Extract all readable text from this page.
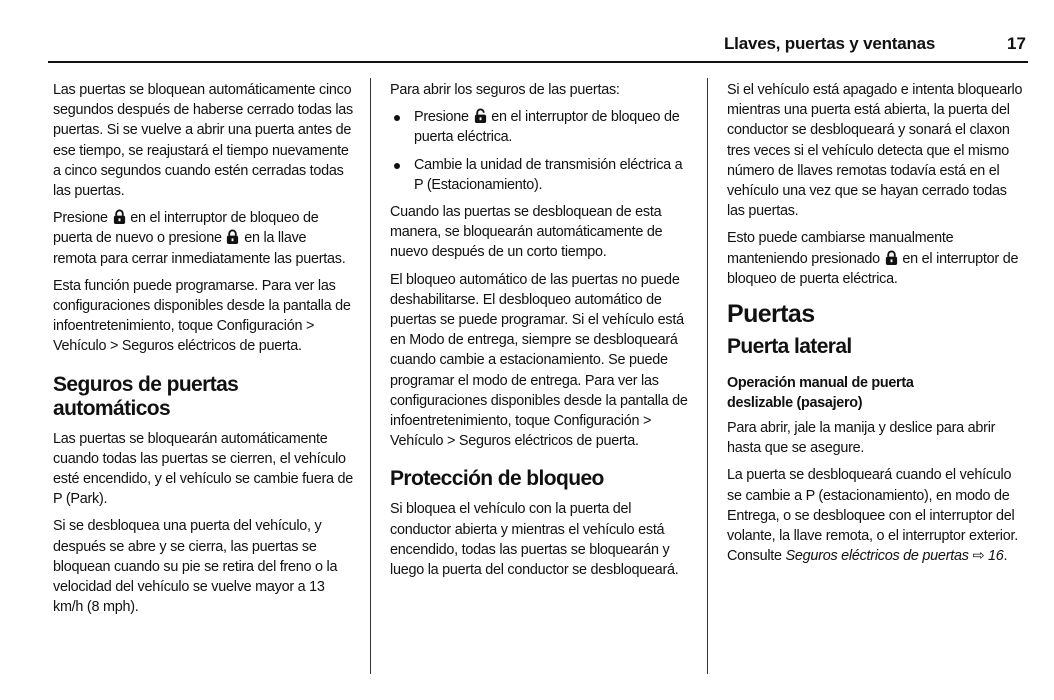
Llaves, puertas y ventanas	17

Las puertas se bloquean automáticamente cinco segundos después de haberse cerrado todas las puertas. Si se vuelve a abrir una puerta antes de ese tiempo, se reajustará el tiempo nuevamente a cinco segundos cuando estén cerradas todas las puertas.

Presione en el interruptor de bloqueo de puerta de nuevo o presione en la llave remota para cerrar inmediatamente las puertas.

Esta función puede programarse. Para ver las configuraciones disponibles desde la pantalla de infoentretenimiento, toque Configuración > Vehículo > Seguros eléctricos de puerta.

Seguros de puertas automáticos

Las puertas se bloquearán automáticamente cuando todas las puertas se cierren, el vehículo esté encendido, y el vehículo se cambie fuera de P (Park).

Si se desbloquea una puerta del vehículo, y después se abre y se cierra, las puertas se bloquean cuando su pie se retira del freno o la velocidad del vehículo se vuelve mayor a 13 km/h (8 mph).

Para abrir los seguros de las puertas:

Presione en el interruptor de bloqueo de puerta eléctrica.
Cambie la unidad de transmisión eléctrica a P (Estacionamiento).

Cuando las puertas se desbloquean de esta manera, se bloquearán automáticamente de nuevo después de un corto tiempo.

El bloqueo automático de las puertas no puede deshabilitarse. El desbloqueo automático de puertas se puede programar. Si el vehículo está en Modo de entrega, siempre se desbloqueará cuando cambie a estacionamiento. Se puede programar el modo de entrega. Para ver las configuraciones disponibles desde la pantalla de infoentretenimiento, toque Configuración > Vehículo > Seguros eléctricos de puerta.

Protección de bloqueo

Si bloquea el vehículo con la puerta del conductor abierta y mientras el vehículo está encendido, todas las puertas se bloquearán y luego la puerta del conductor se desbloqueará.

Si el vehículo está apagado e intenta bloquearlo mientras una puerta está abierta, la puerta del conductor se desbloqueará y sonará el claxon tres veces si el vehículo detecta que el mismo número de llaves remotas todavía está en el vehículo una vez que se hayan cerrado todas las puertas.

Esto puede cambiarse manualmente manteniendo presionado en el interruptor de bloqueo de puerta eléctrica.

Puertas
Puerta lateral
Operación manual de puerta deslizable (pasajero)

Para abrir, jale la manija y deslice para abrir hasta que se asegure.

La puerta se desbloqueará cuando el vehículo se cambie a P (estacionamiento), en modo de Entrega, o se desbloquee con el interruptor del volante, la llave remota, o el interruptor exterior. Consulte Seguros eléctricos de puertas ⇨ 16.
